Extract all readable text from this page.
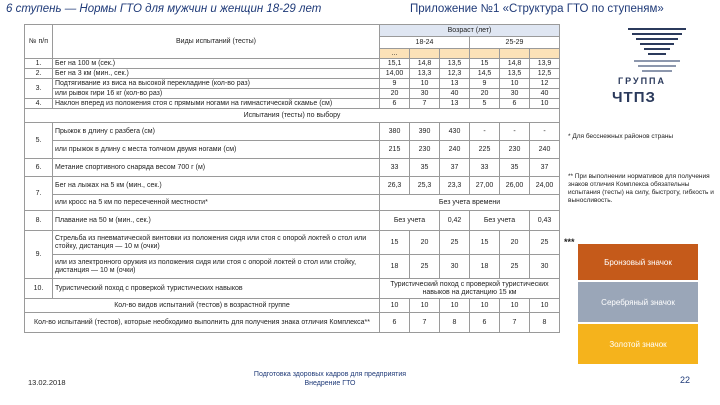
6 ступень — Нормы ГТО для мужчин и женщин 18-29 лет	Приложение №1 «Структура ГТО по ступеням»
№ п/п	Виды испытаний (тесты)	Возраст (лет)					
		18-24			25-29		
		...					
1.	Бег на 100 м (сек.)	15,1	14,8	13,5	15	14,8	13,9
2.	Бег на 3 км (мин., сек.)	14,00	13,3	12,3	14,5	13,5	12,5
3.	Подтягивание из виса на высокой перекладине (кол-во раз)	9	10	13	9	10	12
	или рывок гири 16 кг (кол-во раз)	20	30	40	20	30	40
4.	Наклон вперед из положения стоя с прямыми ногами на гимнастической скамье (см)	6	7	13	5	6	10
Испытания (тесты) по выбору							
5.	Прыжок в длину с разбега (см)	380	390	430	-	-	-
	или прыжок в длину с места толчком двумя ногами (см)	215	230	240	225	230	240
6.	Метание спортивного снаряда весом 700 г (м)	33	35	37	33	35	37
7.	Бег на лыжах на 5 км (мин., сек.)	26,3	25,3	23,3	27,00	26,00	24,00
	или кросс на 5 км по пересеченной местности*	Без учета времени					
8.	Плавание на 50 м (мин., сек.)	Без учета		0,42	Без учета		0,43
9.	Стрельба из пневматической винтовки из положения сидя или стоя с опорой локтей о стол или стойку, дистанция — 10 м (очки)	15	20	25	15	20	25
	или из электронного оружия из положения сидя или стоя с опорой локтей о стол или стойку, дистанция — 10 м (очки)	18	25	30	18	25	30
10.	Туристический поход с проверкой туристических навыков	Туристический поход с проверкой туристических навыков на дистанцию 15 км					
Кол-во видов испытаний (тестов) в возрастной группе		10	10	10	10	10	10
Кол-во испытаний (тестов), которые необходимо выполнить для получения знака отличия Комплекса**		6	7	8	6	7	8
ГРУППА
ЧТПЗ
* Для бесснежных районов страны
** При выполнении нормативов для получения знаков отличия Комплекса обязательны испытания (тесты) на силу, быстроту, гибкость и выносливость.
***
Бронзовый значок
Серебряный значок
Золотой значок
13.02.2018
Подготовка здоровых кадров для предприятия Внедрение ГТО	22
